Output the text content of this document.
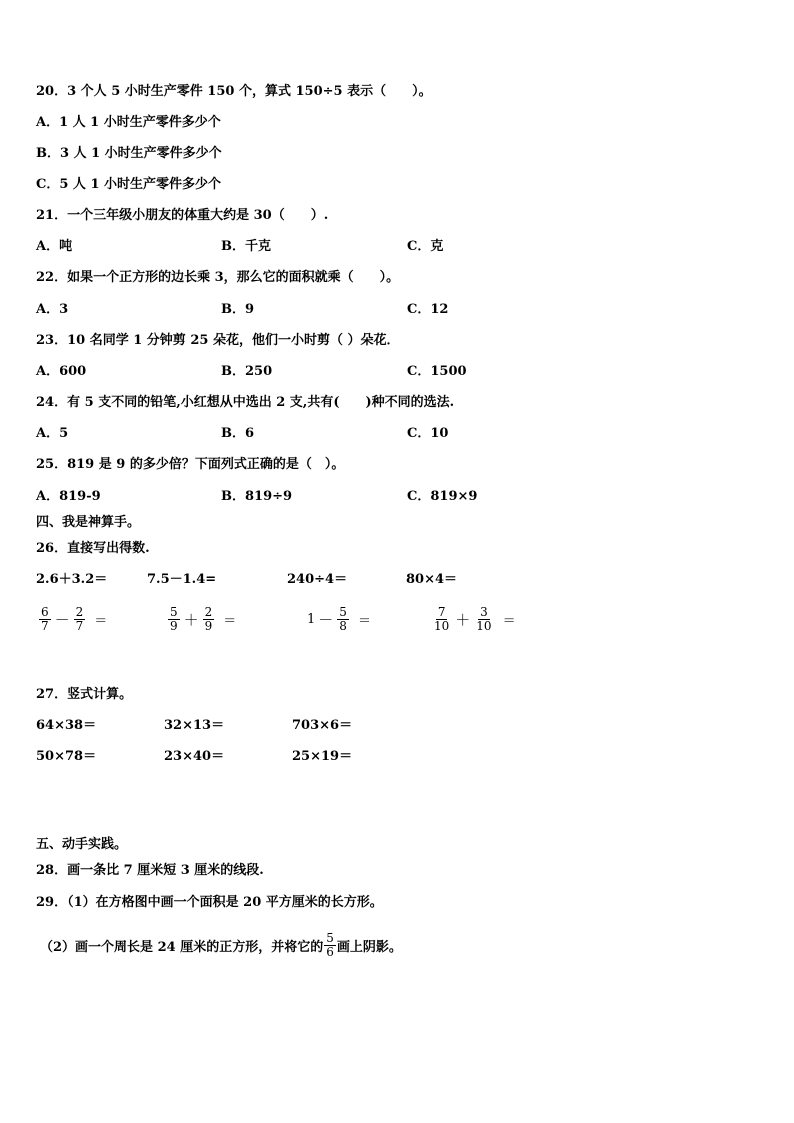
20．3 个人 5 小时生产零件 150 个，算式 150÷5 表示（　　）。
A．1 人 1 小时生产零件多少个
B．3 人 1 小时生产零件多少个
C．5 人 1 小时生产零件多少个
21．一个三年级小朋友的体重大约是 30（　　）.
A．吨	B．千克	C．克
22．如果一个正方形的边长乘 3，那么它的面积就乘（　　）。
A．3	B．9	C．12
23．10 名同学 1 分钟剪 25 朵花，他们一小时剪（ ）朵花．
A．600	B．250	C．1500
24．有 5 支不同的铅笔,小红想从中选出 2 支,共有(　　)种不同的选法.
A．5	B．6	C．10
25．819 是 9 的多少倍？下面列式正确的是（　）。
A．819-9	B．819÷9	C．819×9
四、我是神算手。
26．直接写出得数.
2.6＋3.2＝	7.5－1.4=	240÷4＝	80×4＝
$\frac{6}{7} - \frac{2}{7}$ ＝	$\frac{5}{9} + \frac{2}{9}$ ＝	$1 - \frac{5}{8}$ ＝	$\frac{7}{10} + \frac{3}{10}$ ＝
27．竖式计算。
64×38＝	32×13＝	703×6＝
50×78＝	23×40＝	25×19＝
五、动手实践。
28．画一条比 7 厘米短 3 厘米的线段.
29．（1）在方格图中画一个面积是 20 平方厘米的长方形。
（2）画一个周长是 24 厘米的正方形，并将它的 $\frac{5}{6}$ 画上阴影。
